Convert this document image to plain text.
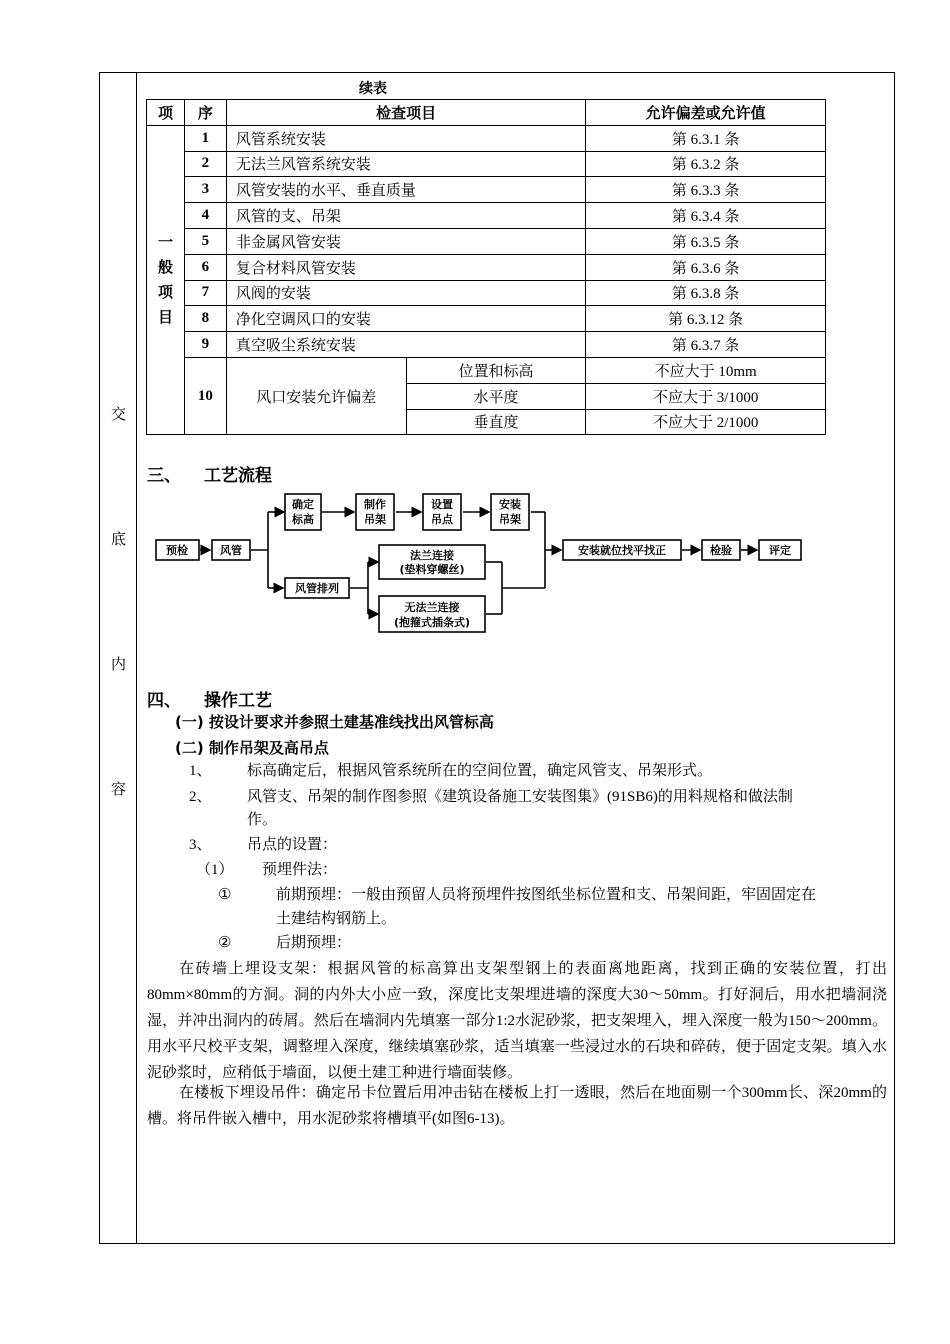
交
底
内
容
续表
项	序	检查项目		允许偏差或允许值
一
般
项
目	1	风管系统安装		第 6.3.1 条
	2	无法兰风管系统安装		第 6.3.2 条
	3	风管安装的水平、垂直质量		第 6.3.3 条
	4	风管的支、吊架		第 6.3.4 条
	5	非金属风管安装		第 6.3.5 条
	6	复合材料风管安装		第 6.3.6 条
	7	风阀的安装		第 6.3.8 条
	8	净化空调风口的安装		第 6.3.12 条
	9	真空吸尘系统安装		第 6.3.7 条
	10	风口安装允许偏差	位置和标高	不应大于 10mm
			水平度	不应大于 3/1000
			垂直度	不应大于 2/1000
三、 工艺流程
预检	风管
确定
标高
制作
吊架
设置
吊点
安装
吊架
风管排列
法兰连接
(垫料穿螺丝)
无法兰连接
(抱箍式插条式)
安装就位找平找正	检验	评定
四、 操作工艺
(一) 按设计要求并参照土建基准线找出风管标高
(二) 制作吊架及高吊点
1、 标高确定后，根据风管系统所在的空间位置，确定风管支、吊架形式。
2、 风管支、吊架的制作图参照《建筑设备施工安装图集》(91SB6)的用料规格和做法制
作。
3、 吊点的设置：
（1） 预埋件法：
①	前期预埋：一般由预留人员将预埋件按图纸坐标位置和支、吊架间距，牢固固定在
土建结构钢筋上。
②	后期预埋：
在砖墙上埋设支架：根据风管的标高算出支架型钢上的表面离地距离，找到正确的安装位置，打出80mm×80mm的方洞。洞的内外大小应一致，深度比支架埋进墙的深度大30～50mm。打好洞后，用水把墙洞浇湿，并冲出洞内的砖屑。然后在墙洞内先填塞一部分1:2水泥砂浆，把支架埋入，埋入深度一般为150～200mm。用水平尺校平支架，调整埋入深度，继续填塞砂浆，适当填塞一些浸过水的石块和碎砖，便于固定支架。填入水泥砂浆时，应稍低于墙面，以便土建工种进行墙面装修。
在楼板下埋设吊件：确定吊卡位置后用冲击钻在楼板上打一透眼，然后在地面剔一个300mm长、深20mm的槽。将吊件嵌入槽中，用水泥砂浆将槽填平(如图6-13)。
